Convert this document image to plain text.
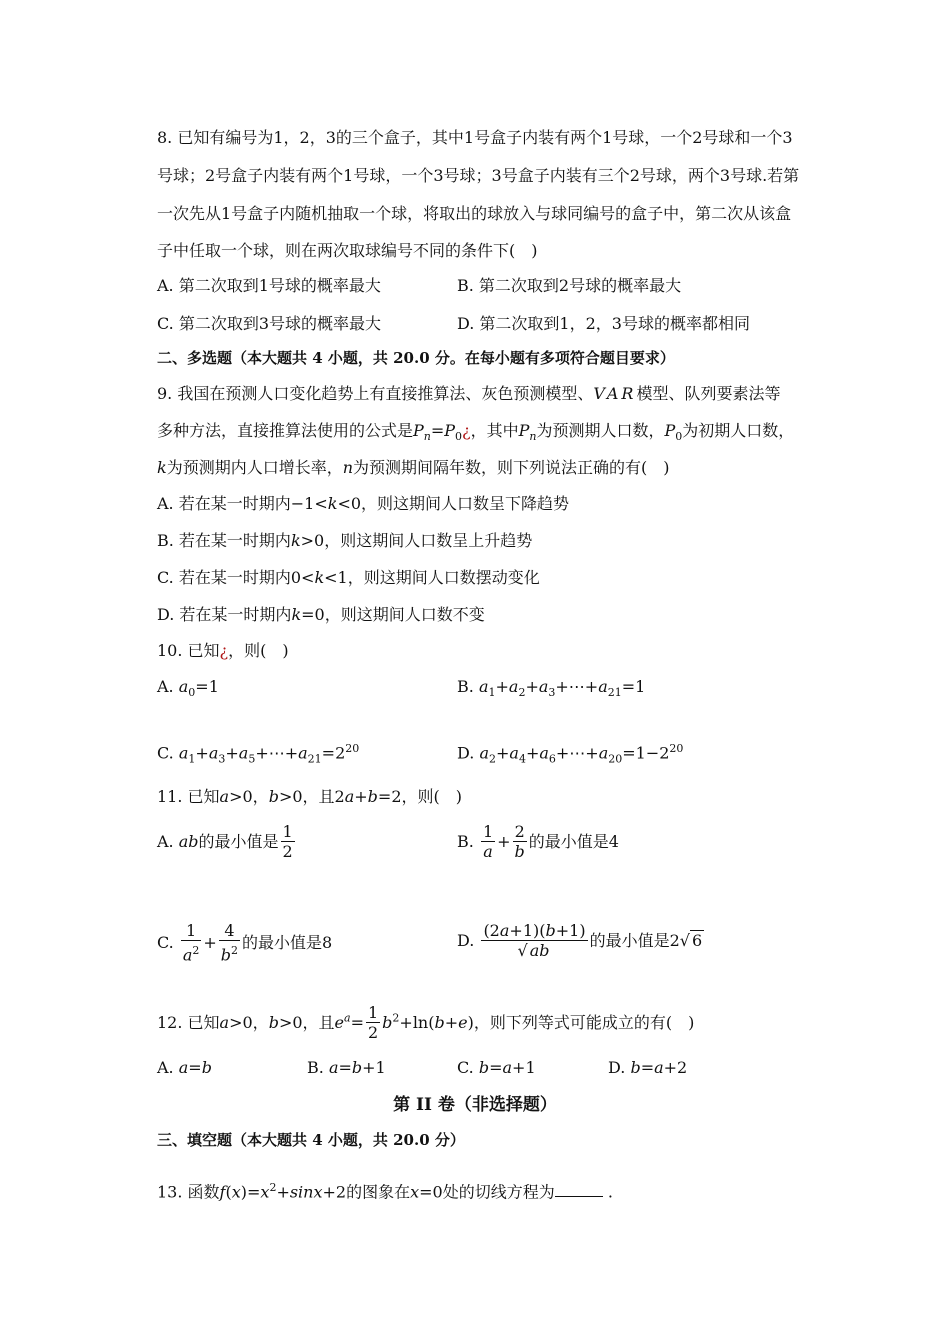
8. 已知有编号为1，2，3的三个盒子，其中1号盒子内装有两个1号球，一个2号球和一个3
号球；2号盒子内装有两个1号球，一个3号球；3号盒子内装有三个2号球，两个3号球.若第
一次先从1号盒子内随机抽取一个球，将取出的球放入与球同编号的盒子中，第二次从该盒
子中任取一个球，则在两次取球编号不同的条件下(　)
A. 第二次取到1号球的概率最大	B. 第二次取到2号球的概率最大
C. 第二次取到3号球的概率最大	D. 第二次取到1，2，3号球的概率都相同
二、多选题（本大题共 4 小题，共 20.0 分。在每小题有多项符合题目要求）
9. 我国在预测人口变化趋势上有直接推算法、灰色预测模型、VAR模型、队列要素法等
多种方法，直接推算法使用的公式是$P_n=P_0¿$，其中$P_n$为预测期人口数，$P_0$为初期人口数，
k为预测期内人口增长率，n为预测期间隔年数，则下列说法正确的有(　)
A. 若在某一时期内−1<k<0，则这期间人口数呈下降趋势
B. 若在某一时期内k>0，则这期间人口数呈上升趋势
C. 若在某一时期内0<k<1，则这期间人口数摆动变化
D. 若在某一时期内k=0，则这期间人口数不变
10. 已知¿，则(　)
A. $a_0=1$	B. $a_1+a_2+a_3+\cdots+a_{21}=1$
C. $a_1+a_3+a_5+\cdots+a_{21}=2^{20}$	D. $a_2+a_4+a_6+\cdots+a_{20}=1-2^{20}$
11. 已知a>0，b>0，且2a+b=2，则(　)
A. ab的最小值是 $\frac{1}{2}$	B. $\frac{1}{a} + \frac{2}{b}$ 的最小值是4
C. $\frac{1}{a^2} + \frac{4}{b^2}$ 的最小值是8	D. $\frac{(2a+1)(b+1)}{√ ab}$ 的最小值是2√ 6
12. 已知a>0，b>0，且$e^a= \frac{1}{2} b^2+\ln(b+e)$，则下列等式可能成立的有(　)
A. a=b	B. a=b+1	C. b=a+1	D. b=a+2
第 II 卷（非选择题）
三、填空题（本大题共 4 小题，共 20.0 分）
13. 函数$f(x)=x^2+\sin x+2$的图象在x=0处的切线方程为	.
